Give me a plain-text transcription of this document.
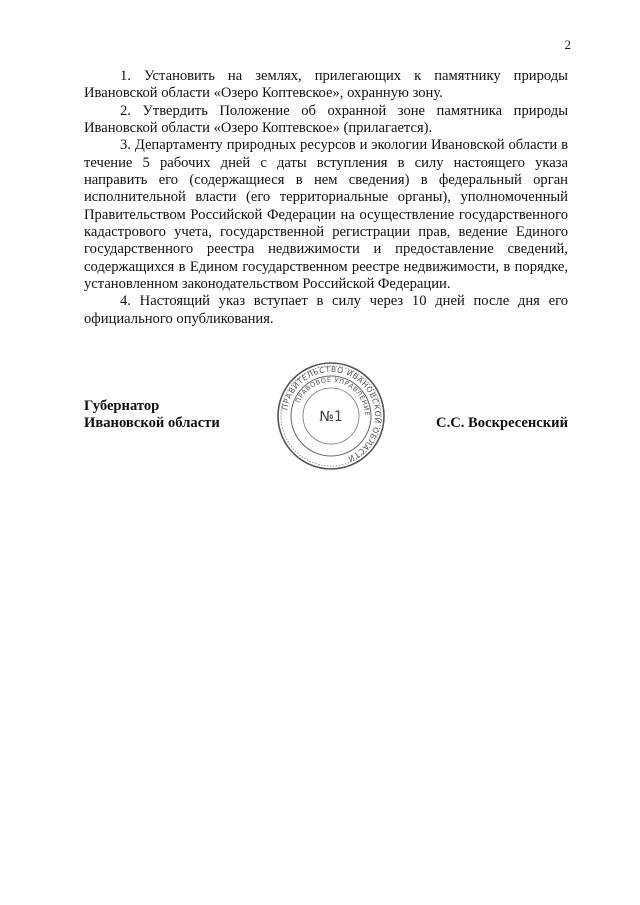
2

1. Установить на землях, прилегающих к памятнику природы Ивановской области «Озеро Коптевское», охранную зону.

2. Утвердить Положение об охранной зоне памятника природы Ивановской области «Озеро Коптевское» (прилагается).

3. Департаменту природных ресурсов и экологии Ивановской области в течение 5 рабочих дней с даты вступления в силу настоящего указа направить его (содержащиеся в нем сведения) в федеральный орган исполнительной власти (его территориальные органы), уполномоченный Правительством Российской Федерации на осуществление государственного кадастрового учета, государственной регистрации прав, ведение Единого государственного реестра недвижимости и предоставление сведений, содержащихся в Едином государственном реестре недвижимости, в порядке, установленном законодательством Российской Федерации.

4. Настоящий указ вступает в силу через 10 дней после дня его официального опубликования.

Губернатор
Ивановской области	С.С. Воскресенский
ПРАВИТЕЛЬСТВО ИВАНОВСКОЙ ОБЛАСТИ
ПРАВОВОЕ УПРАВЛЕНИЕ
№1
